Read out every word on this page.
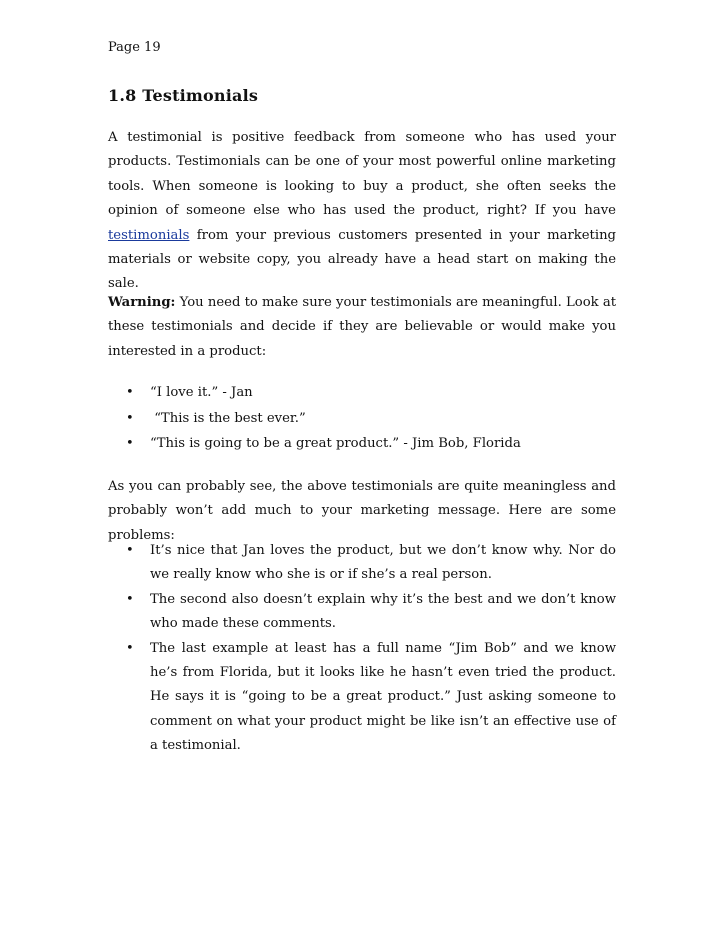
Page 19
1.8 Testimonials
A testimonial is positive feedback from someone who has used your products. Testimonials can be one of your most powerful online marketing tools. When someone is looking to buy a product, she often seeks the opinion of someone else who has used the product, right? If you have testimonials from your previous customers presented in your marketing materials or website copy, you already have a head start on making the sale.
Warning: You need to make sure your testimonials are meaningful. Look at these testimonials and decide if they are believable or would make you interested in a product:
• “I love it.” - Jan
• “This is the best ever.”
• “This is going to be a great product.” - Jim Bob, Florida
As you can probably see, the above testimonials are quite meaningless and probably won’t add much to your marketing message. Here are some problems:
• It’s nice that Jan loves the product, but we don’t know why. Nor do we really know who she is or if she’s a real person.
• The second also doesn’t explain why it’s the best and we don’t know who made these comments.
• The last example at least has a full name “Jim Bob” and we know he’s from Florida, but it looks like he hasn’t even tried the product. He says it is “going to be a great product.” Just asking someone to comment on what your product might be like isn’t an effective use of a testimonial.
